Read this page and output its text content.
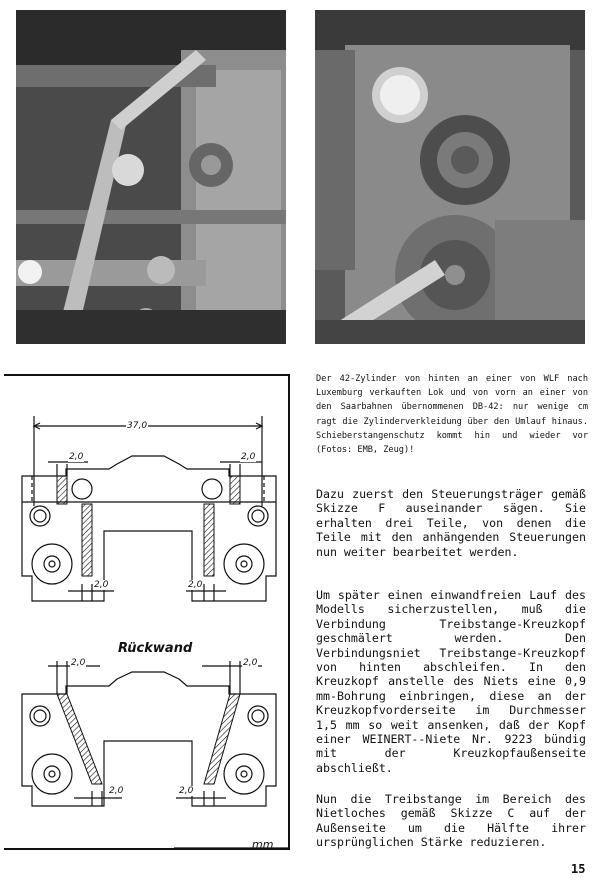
37,0
2,0	2,0
2,0	2,0
Rückwand
2,0	2,0
2,0	2,0
mm

Der 42-Zylinder von hinten an einer von WLF nach Luxemburg verkauften Lok und von vorn an einer von den Saarbahnen übernommenen DB-42: nur wenige cm ragt die Zylinderverkleidung über den Umlauf hinaus. Schieberstangenschutz kommt hin und wieder vor (Fotos: EMB, Zeug)!

Dazu zuerst den Steuerungsträger gemäß Skizze F auseinander sägen. Sie erhalten drei Teile, von denen die Teile mit den anhängenden Steuerungen nun weiter bearbeitet werden.

Um später einen einwandfreien Lauf des Modells sicherzustellen, muß die Verbindung Treibstange-Kreuzkopf geschmälert werden. Den Verbindungsniet Treibstange-Kreuzkopf von hinten abschleifen. In den Kreuzkopf anstelle des Niets eine 0,9 mm-Bohrung einbringen, diese an der Kreuzkopfvorderseite im Durchmesser 1,5 mm so weit ansenken, daß der Kopf einer WEINERT--Niete Nr. 9223 bündig mit der Kreuzkopfaußenseite abschließt.

Nun die Treibstange im Bereich des Nietloches gemäß Skizze C auf der Außenseite um die Hälfte ihrer ursprünglichen Stärke reduzieren.

15
